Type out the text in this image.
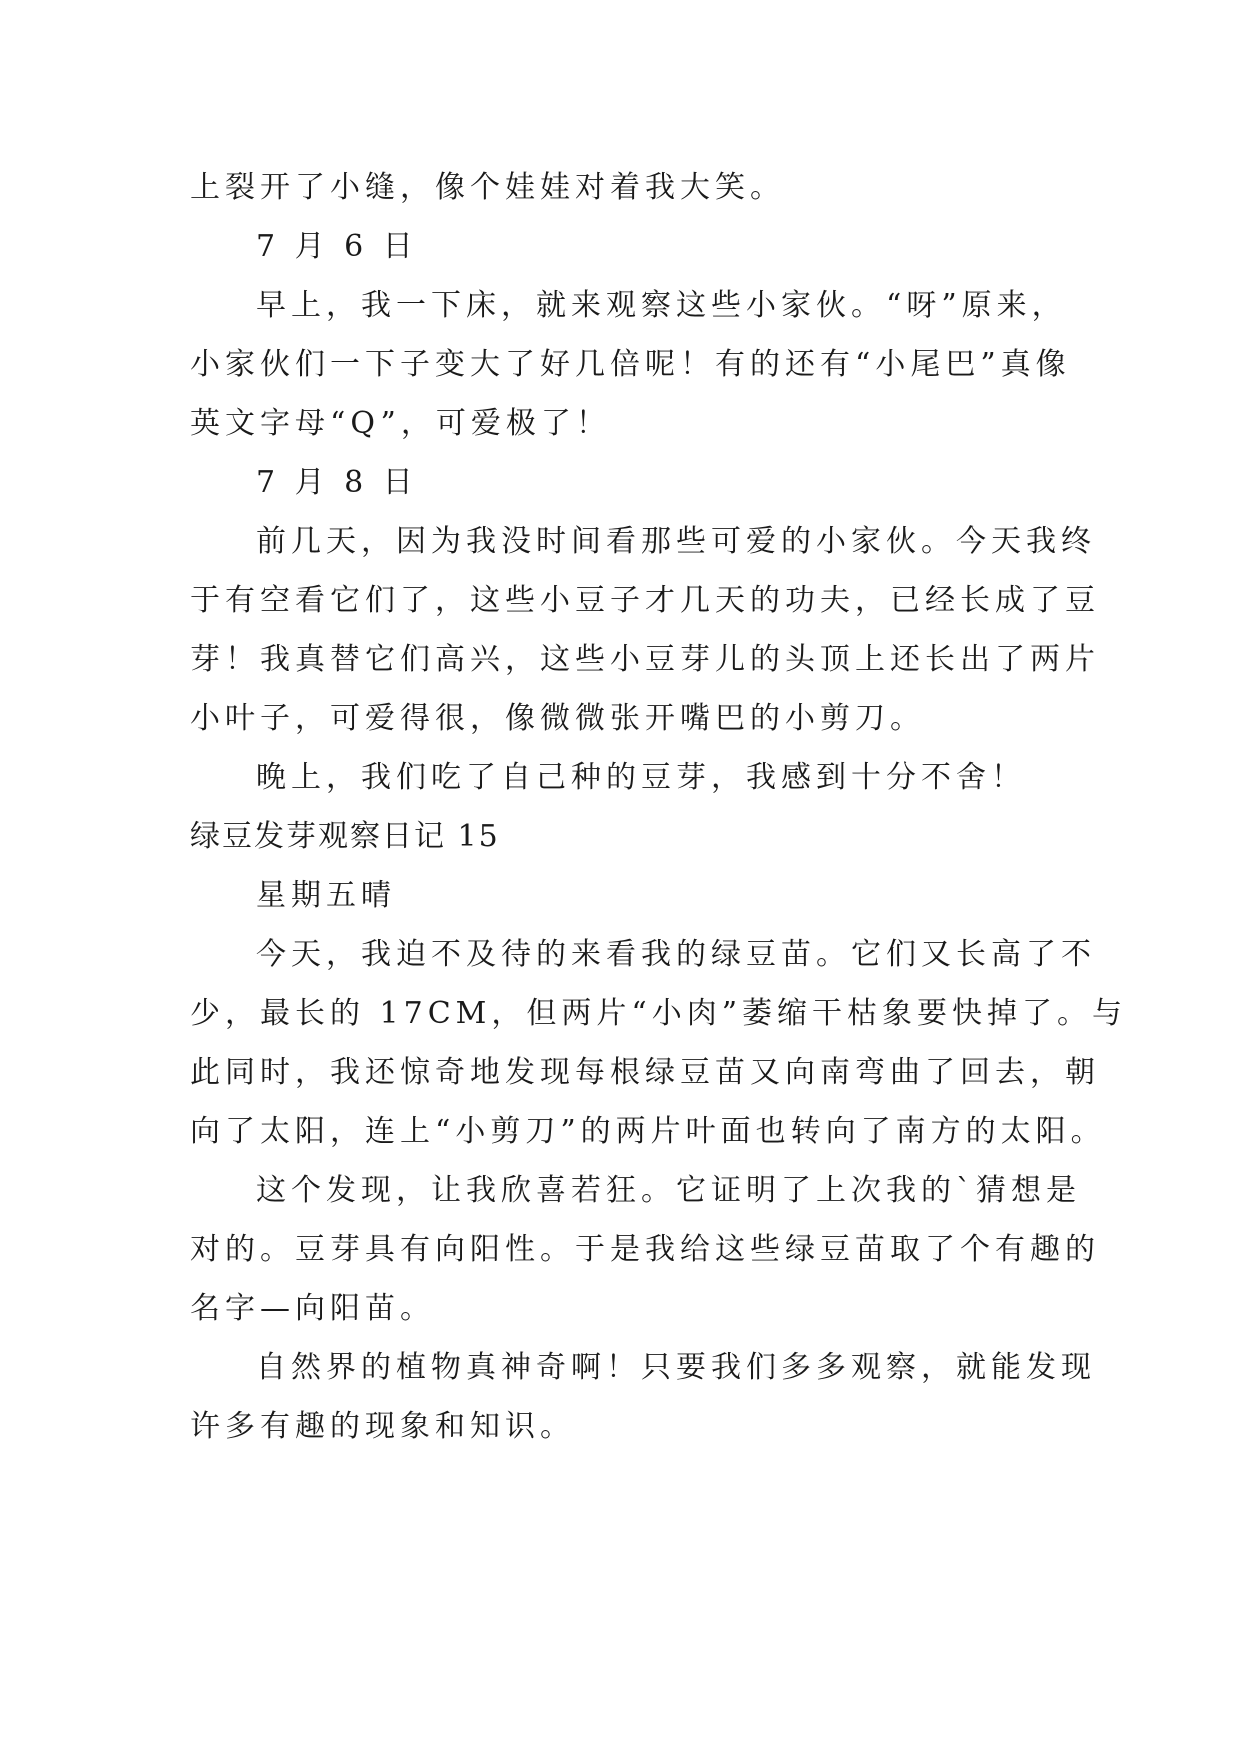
上裂开了小缝，像个娃娃对着我大笑。

7 月 6 日

早上，我一下床，就来观察这些小家伙。“呀”原来，

小家伙们一下子变大了好几倍呢！有的还有“小尾巴”真像

英文字母“Q”，可爱极了！

7 月 8 日

前几天，因为我没时间看那些可爱的小家伙。今天我终

于有空看它们了，这些小豆子才几天的功夫，已经长成了豆

芽！我真替它们高兴，这些小豆芽儿的头顶上还长出了两片

小叶子，可爱得很，像微微张开嘴巴的小剪刀。

晚上，我们吃了自己种的豆芽，我感到十分不舍！

绿豆发芽观察日记 15

星期五晴

今天，我迫不及待的来看我的绿豆苗。它们又长高了不

少，最长的 17CM，但两片“小肉”萎缩干枯象要快掉了。与

此同时，我还惊奇地发现每根绿豆苗又向南弯曲了回去，朝

向了太阳，连上“小剪刀”的两片叶面也转向了南方的太阳。

这个发现，让我欣喜若狂。它证明了上次我的`猜想是

对的。豆芽具有向阳性。于是我给这些绿豆苗取了个有趣的

名字—向阳苗。

自然界的植物真神奇啊！只要我们多多观察，就能发现

许多有趣的现象和知识。
